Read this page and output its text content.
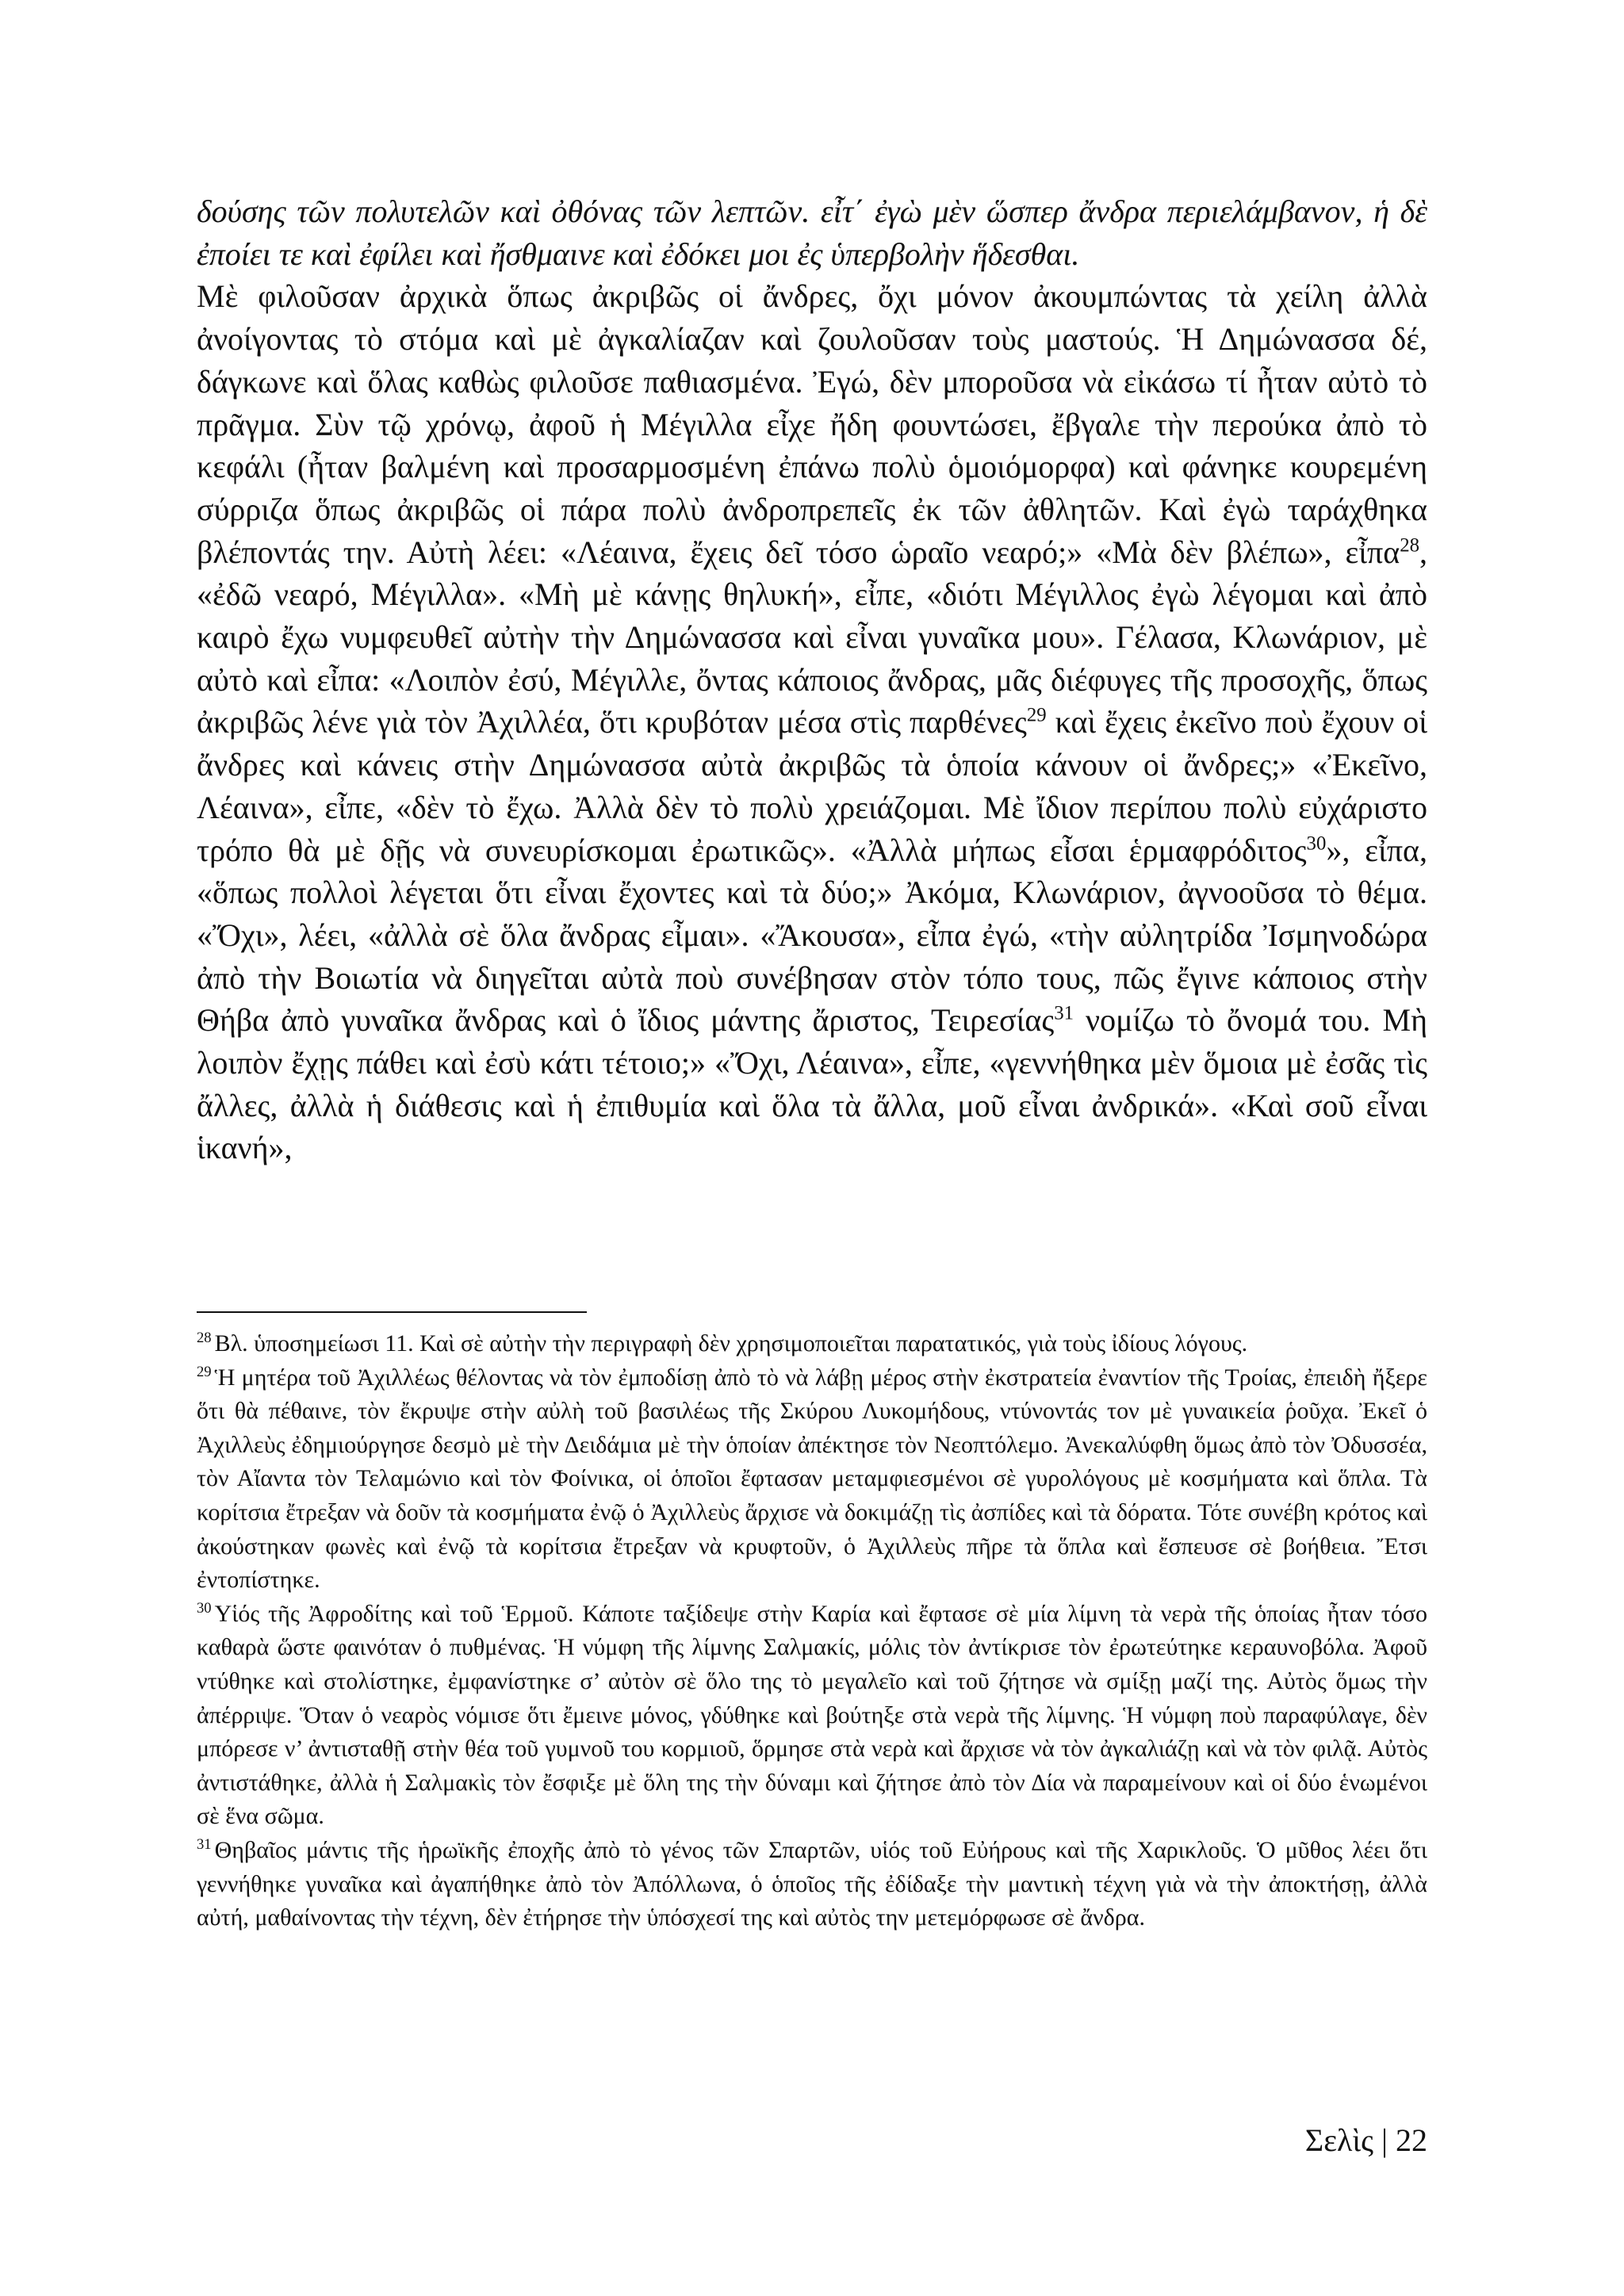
δούσης τῶν πολυτελῶν καὶ ὀθόνας τῶν λεπτῶν. εἶτ΄ ἐγὼ μὲν ὥσπερ ἄνδρα περιελάμβανον, ἡ δὲ ἐποίει τε καὶ ἐφίλει καὶ ἤσθμαινε καὶ ἐδόκει μοι ἐς ὑπερβολὴν ἥδεσθαι.

Μὲ φιλοῦσαν ἀρχικὰ ὅπως ἀκριβῶς οἱ ἄνδρες, ὄχι μόνον ἀκουμπώντας τὰ χείλη ἀλλὰ ἀνοίγοντας τὸ στόμα καὶ μὲ ἀγκαλίαζαν καὶ ζουλοῦσαν τοὺς μαστούς. Ἡ Δημώνασσα δέ, δάγκωνε καὶ ὅλας καθὼς φιλοῦσε παθιασμένα. Ἐγώ, δὲν μποροῦσα νὰ εἰκάσω τί ἦταν αὐτὸ τὸ πρᾶγμα. Σὺν τῷ χρόνῳ, ἀφοῦ ἡ Μέγιλλα εἶχε ἤδη φουντώσει, ἔβγαλε τὴν περούκα ἀπὸ τὸ κεφάλι (ἦταν βαλμένη καὶ προσαρμοσμένη ἐπάνω πολὺ ὁμοιόμορφα) καὶ φάνηκε κουρεμένη σύρριζα ὅπως ἀκριβῶς οἱ πάρα πολὺ ἀνδροπρεπεῖς ἐκ τῶν ἀθλητῶν. Καὶ ἐγὼ ταράχθηκα βλέποντάς την. Αὐτὴ λέει: «Λέαινα, ἔχεις δεῖ τόσο ὡραῖο νεαρό;» «Μὰ δὲν βλέπω», εἶπα$^{28}$, «ἐδῶ νεαρό, Μέγιλλα». «Μὴ μὲ κάνῃς θηλυκή», εἶπε, «διότι Μέγιλλος ἐγὼ λέγομαι καὶ ἀπὸ καιρὸ ἔχω νυμφευθεῖ αὐτὴν τὴν Δημώνασσα καὶ εἶναι γυναῖκα μου». Γέλασα, Κλωνάριον, μὲ αὐτὸ καὶ εἶπα: «Λοιπὸν ἐσύ, Μέγιλλε, ὄντας κάποιος ἄνδρας, μᾶς διέφυγες τῆς προσοχῆς, ὅπως ἀκριβῶς λένε γιὰ τὸν Ἀχιλλέα, ὅτι κρυβόταν μέσα στὶς παρθένες$^{29}$ καὶ ἔχεις ἐκεῖνο ποὺ ἔχουν οἱ ἄνδρες καὶ κάνεις στὴν Δημώνασσα αὐτὰ ἀκριβῶς τὰ ὁποία κάνουν οἱ ἄνδρες;» «Ἐκεῖνο, Λέαινα», εἶπε, «δὲν τὸ ἔχω. Ἀλλὰ δὲν τὸ πολὺ χρειάζομαι. Μὲ ἴδιον περίπου πολὺ εὐχάριστο τρόπο θὰ μὲ δῇς νὰ συνευρίσκομαι ἐρωτικῶς». «Ἀλλὰ μήπως εἶσαι ἑρμαφρόδιτος$^{30}$», εἶπα, «ὅπως πολλοὶ λέγεται ὅτι εἶναι ἔχοντες καὶ τὰ δύο;» Ἀκόμα, Κλωνάριον, ἀγνοοῦσα τὸ θέμα. «Ὄχι», λέει, «ἀλλὰ σὲ ὅλα ἄνδρας εἶμαι». «Ἄκουσα», εἶπα ἐγώ, «τὴν αὐλητρίδα Ἰσμηνοδώρα ἀπὸ τὴν Βοιωτία νὰ διηγεῖται αὐτὰ ποὺ συνέβησαν στὸν τόπο τους, πῶς ἔγινε κάποιος στὴν Θήβα ἀπὸ γυναῖκα ἄνδρας καὶ ὁ ἴδιος μάντης ἄριστος, Τειρεσίας$^{31}$ νομίζω τὸ ὄνομά του. Μὴ λοιπὸν ἔχῃς πάθει καὶ ἐσὺ κάτι τέτοιο;» «Ὄχι, Λέαινα», εἶπε, «γεννήθηκα μὲν ὅμοια μὲ ἐσᾶς τὶς ἄλλες, ἀλλὰ ἡ διάθεσις καὶ ἡ ἐπιθυμία καὶ ὅλα τὰ ἄλλα, μοῦ εἶναι ἀνδρικά». «Καὶ σοῦ εἶναι ἱκανή»,

$^{28}$ Βλ. ὑποσημείωσι 11. Καὶ σὲ αὐτὴν τὴν περιγραφὴ δὲν χρησιμοποιεῖται παρατατικός, γιὰ τοὺς ἰδίους λόγους.

$^{29}$ Ἡ μητέρα τοῦ Ἀχιλλέως θέλοντας νὰ τὸν ἐμποδίσῃ ἀπὸ τὸ νὰ λάβῃ μέρος στὴν ἐκστρατεία ἐναντίον τῆς Τροίας, ἐπειδὴ ἤξερε ὅτι θὰ πέθαινε, τὸν ἔκρυψε στὴν αὐλὴ τοῦ βασιλέως τῆς Σκύρου Λυκομήδους, ντύνοντάς τον μὲ γυναικεία ῥοῦχα. Ἐκεῖ ὁ Ἀχιλλεὺς ἐδημιούργησε δεσμὸ μὲ τὴν Δειδάμια μὲ τὴν ὁποίαν ἀπέκτησε τὸν Νεοπτόλεμο. Ἀνεκαλύφθη ὅμως ἀπὸ τὸν Ὀδυσσέα, τὸν Αἴαντα τὸν Τελαμώνιο καὶ τὸν Φοίνικα, οἱ ὁποῖοι ἔφτασαν μεταμφιεσμένοι σὲ γυρολόγους μὲ κοσμήματα καὶ ὅπλα. Τὰ κορίτσια ἔτρεξαν νὰ δοῦν τὰ κοσμήματα ἐνῷ ὁ Ἀχιλλεὺς ἄρχισε νὰ δοκιμάζῃ τὶς ἀσπίδες καὶ τὰ δόρατα. Τότε συνέβη κρότος καὶ ἀκούστηκαν φωνὲς καὶ ἐνῷ τὰ κορίτσια ἔτρεξαν νὰ κρυφτοῦν, ὁ Ἀχιλλεὺς πῆρε τὰ ὅπλα καὶ ἔσπευσε σὲ βοήθεια. Ἔτσι ἐντοπίστηκε.

$^{30}$ Υἱός τῆς Ἀφροδίτης καὶ τοῦ Ἑρμοῦ. Κάποτε ταξίδεψε στὴν Καρία καὶ ἔφτασε σὲ μία λίμνη τὰ νερὰ τῆς ὁποίας ἦταν τόσο καθαρὰ ὥστε φαινόταν ὁ πυθμένας. Ἡ νύμφη τῆς λίμνης Σαλμακίς, μόλις τὸν ἀντίκρισε τὸν ἐρωτεύτηκε κεραυνοβόλα. Ἀφοῦ ντύθηκε καὶ στολίστηκε, ἐμφανίστηκε σ’ αὐτὸν σὲ ὅλο της τὸ μεγαλεῖο καὶ τοῦ ζήτησε νὰ σμίξῃ μαζί της. Αὐτὸς ὅμως τὴν ἀπέρριψε. Ὅταν ὁ νεαρὸς νόμισε ὅτι ἔμεινε μόνος, γδύθηκε καὶ βούτηξε στὰ νερὰ τῆς λίμνης. Ἡ νύμφη ποὺ παραφύλαγε, δὲν μπόρεσε ν’ ἀντισταθῇ στὴν θέα τοῦ γυμνοῦ του κορμιοῦ, ὅρμησε στὰ νερὰ καὶ ἄρχισε νὰ τὸν ἀγκαλιάζῃ καὶ νὰ τὸν φιλᾷ. Αὐτὸς ἀντιστάθηκε, ἀλλὰ ἡ Σαλμακὶς τὸν ἔσφιξε μὲ ὅλη της τὴν δύναμι καὶ ζήτησε ἀπὸ τὸν Δία νὰ παραμείνουν καὶ οἱ δύο ἑνωμένοι σὲ ἕνα σῶμα.

$^{31}$ Θηβαῖος μάντις τῆς ἡρωϊκῆς ἐποχῆς ἀπὸ τὸ γένος τῶν Σπαρτῶν, υἱός τοῦ Εὐήρους καὶ τῆς Χαρικλοῦς. Ὁ μῦθος λέει ὅτι γεννήθηκε γυναῖκα καὶ ἀγαπήθηκε ἀπὸ τὸν Ἀπόλλωνα, ὁ ὁποῖος τῆς ἐδίδαξε τὴν μαντικὴ τέχνη γιὰ νὰ τὴν ἀποκτήσῃ, ἀλλὰ αὐτή, μαθαίνοντας τὴν τέχνη, δὲν ἐτήρησε τὴν ὑπόσχεσί της καὶ αὐτὸς την μετεμόρφωσε σὲ ἄνδρα.

Σελὶς | 22
